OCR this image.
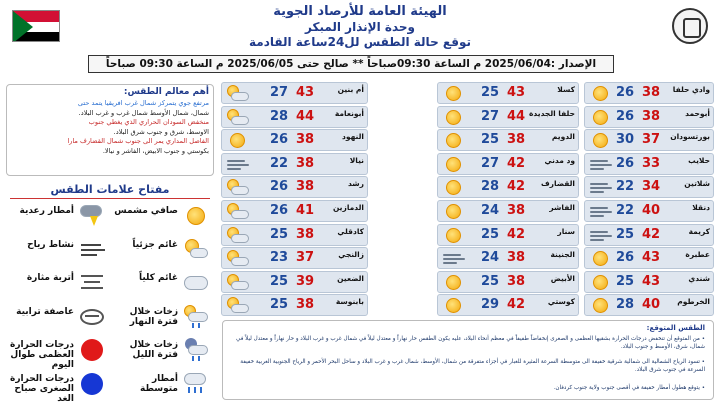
الهيئة العامة للأرصاد الجوية
وحدة الإنذار المبكر
توقع حالة الطقس لل24ساعة القادمة
الإصدار :2025/06/04 م الساعة 09:30صباحاً ** صالح حتى 2025/06/05 م الساعة 09:30 صباحاً
26 38	وادي حلفا
26 38	أبوحمد
30 37	بورتسودان
26 33	حلايب
22 34	شلاتين
22 40	دنقلا
25 42	كريمة
26 43	عطبرة
25 43	شندي
28 40	الخرطوم
25 43	كسلا
27 44 حلفا الجديدة
25 38	الدويم
27 42	ود مدني
28 42	القضارف
24 38	الفاشر
25 42	سنار
24 38	الجنينة
25 38	الأبيض
29 42	كوستي
27 43	أم بنين
28 44	أبونعامة
26 38	النهود
22 38	نيالا
26 38	رشد
26 41	الدمازين
25 38	كادقلي
23 37	زالنجي
25 39	الضعين
25 38	بابنوسة
أهم معالم الطقس:
مرتفع جوي يتمركز شمال غرب افريقيا يتمد حتى
شمال، شمال الأوسط شمال غرب و غرب البلاد.
منخفض السودان الحراري الذي يغطي جنوب
الاوسط، شرق و جنوب شرق البلاد.
الفاصل المداري يمر الى جنوب شمال القضارف مارا
بكوستي و جنوب الابيض، الفاشر و نيالا.
مفتاح علامات الطقس
صافي مشمس
أمطار رعدية
غائم جزئياً
نشاط رياح
غائم كلياً
أتربة مثارة
زخات خلال فترة النهار
عاصفة ترابية
زخات خلال فترة الليل
درجات الحرارة العظمى طوال اليوم
أمطار متوسطة
درجات الحرارة الصغرى صباح الغد
الطقس المتوقع:
• من المتوقع أن تنخفض درجات الحرارة بشقيها العظمى و الصغرى إنخفاضاً طفيفاً في معظم أنحاء البلاد، عليه يكون الطقس حار نهاراً و معتدل ليلاً في شمال غرب و غرب البلاد و حار نهاراً و معتدل ليلاً في شمال، شرق، الأوسط و جنوب البلاد.
• تسود الرياح الشمالية الى شمالية شرقية خفيفة الى متوسطة السرعة المثيرة للغبار في أجزاء متفرقة من شمال، الأوسط، شمال غرب و غرب البلاد و ساحل البحر الأحمر و الرياح الجنوبية الغربية خفيفة السرعة في جنوب شرق البلاد.
• يتوقع هطول أمطار خفيفة في أقصى جنوب ولاية جنوب كردفان.
